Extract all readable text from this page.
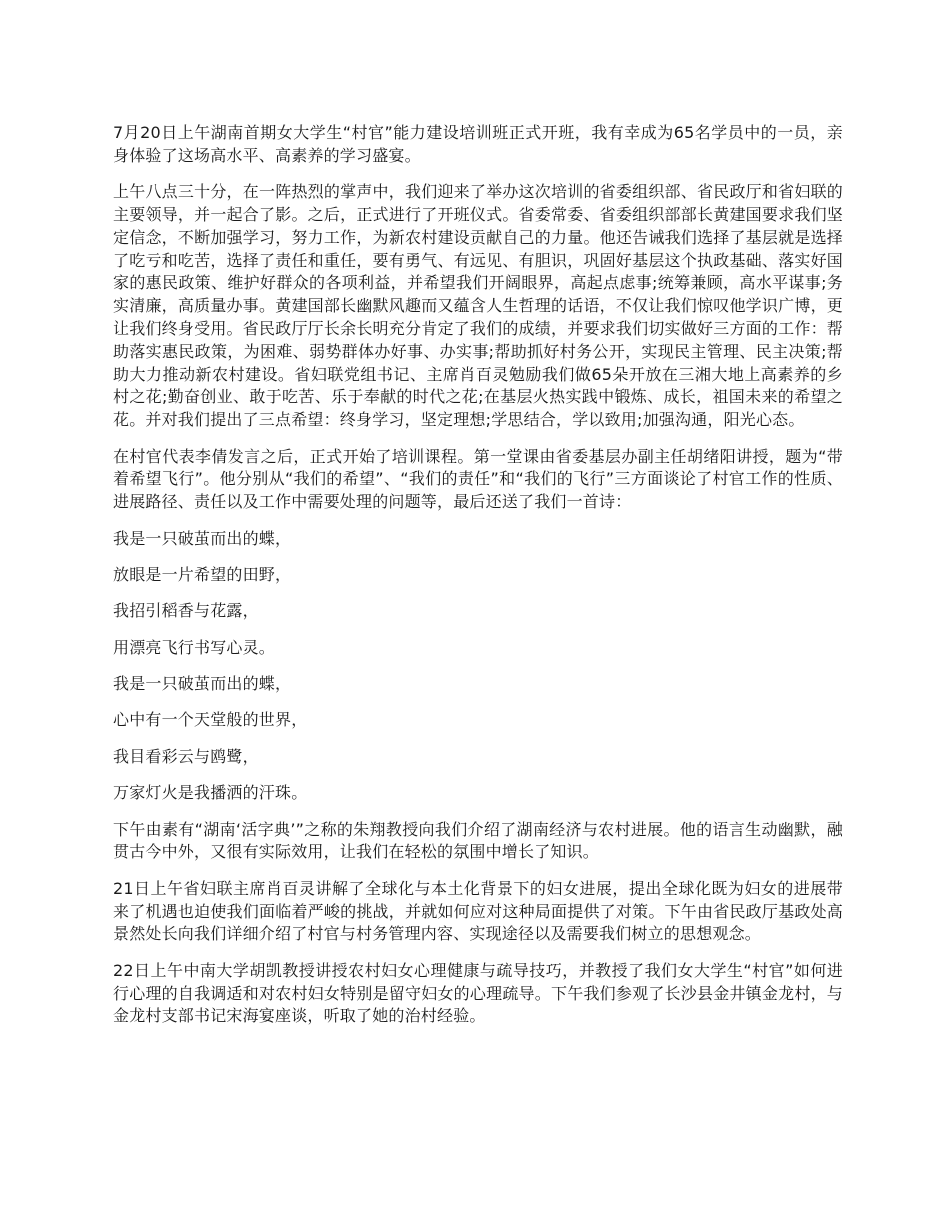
7月20日上午湖南首期女大学生“村官”能力建设培训班正式开班，我有幸成为65名学员中的一员，亲身体验了这场高水平、高素养的学习盛宴。

上午八点三十分，在一阵热烈的掌声中，我们迎来了举办这次培训的省委组织部、省民政厅和省妇联的主要领导，并一起合了影。之后，正式进行了开班仪式。省委常委、省委组织部部长黄建国要求我们坚定信念，不断加强学习，努力工作，为新农村建设贡献自己的力量。他还告诫我们选择了基层就是选择了吃亏和吃苦，选择了责任和重任，要有勇气、有远见、有胆识，巩固好基层这个执政基础、落实好国家的惠民政策、维护好群众的各项利益，并希望我们开阔眼界，高起点虑事;统筹兼顾，高水平谋事;务实清廉，高质量办事。黄建国部长幽默风趣而又蕴含人生哲理的话语，不仅让我们惊叹他学识广博，更让我们终身受用。省民政厅厅长余长明充分肯定了我们的成绩，并要求我们切实做好三方面的工作：帮助落实惠民政策，为困难、弱势群体办好事、办实事;帮助抓好村务公开，实现民主管理、民主决策;帮助大力推动新农村建设。省妇联党组书记、主席肖百灵勉励我们做65朵开放在三湘大地上高素养的乡村之花;勤奋创业、敢于吃苦、乐于奉献的时代之花;在基层火热实践中锻炼、成长，祖国未来的希望之花。并对我们提出了三点希望：终身学习，坚定理想;学思结合，学以致用;加强沟通，阳光心态。

在村官代表李倩发言之后，正式开始了培训课程。第一堂课由省委基层办副主任胡绪阳讲授，题为“带着希望飞行”。他分别从“我们的希望”、“我们的责任”和“我们的飞行”三方面谈论了村官工作的性质、进展路径、责任以及工作中需要处理的问题等，最后还送了我们一首诗：

我是一只破茧而出的蝶，

放眼是一片希望的田野，

我招引稻香与花露，

用漂亮飞行书写心灵。

我是一只破茧而出的蝶，

心中有一个天堂般的世界，

我目看彩云与鸥鹭，

万家灯火是我播洒的汗珠。

下午由素有“湖南‘活字典’”之称的朱翔教授向我们介绍了湖南经济与农村进展。他的语言生动幽默，融贯古今中外，又很有实际效用，让我们在轻松的氛围中增长了知识。

21日上午省妇联主席肖百灵讲解了全球化与本土化背景下的妇女进展，提出全球化既为妇女的进展带来了机遇也迫使我们面临着严峻的挑战，并就如何应对这种局面提供了对策。下午由省民政厅基政处高景然处长向我们详细介绍了村官与村务管理内容、实现途径以及需要我们树立的思想观念。

22日上午中南大学胡凯教授讲授农村妇女心理健康与疏导技巧，并教授了我们女大学生“村官”如何进行心理的自我调适和对农村妇女特别是留守妇女的心理疏导。下午我们参观了长沙县金井镇金龙村，与金龙村支部书记宋海宴座谈，听取了她的治村经验。
